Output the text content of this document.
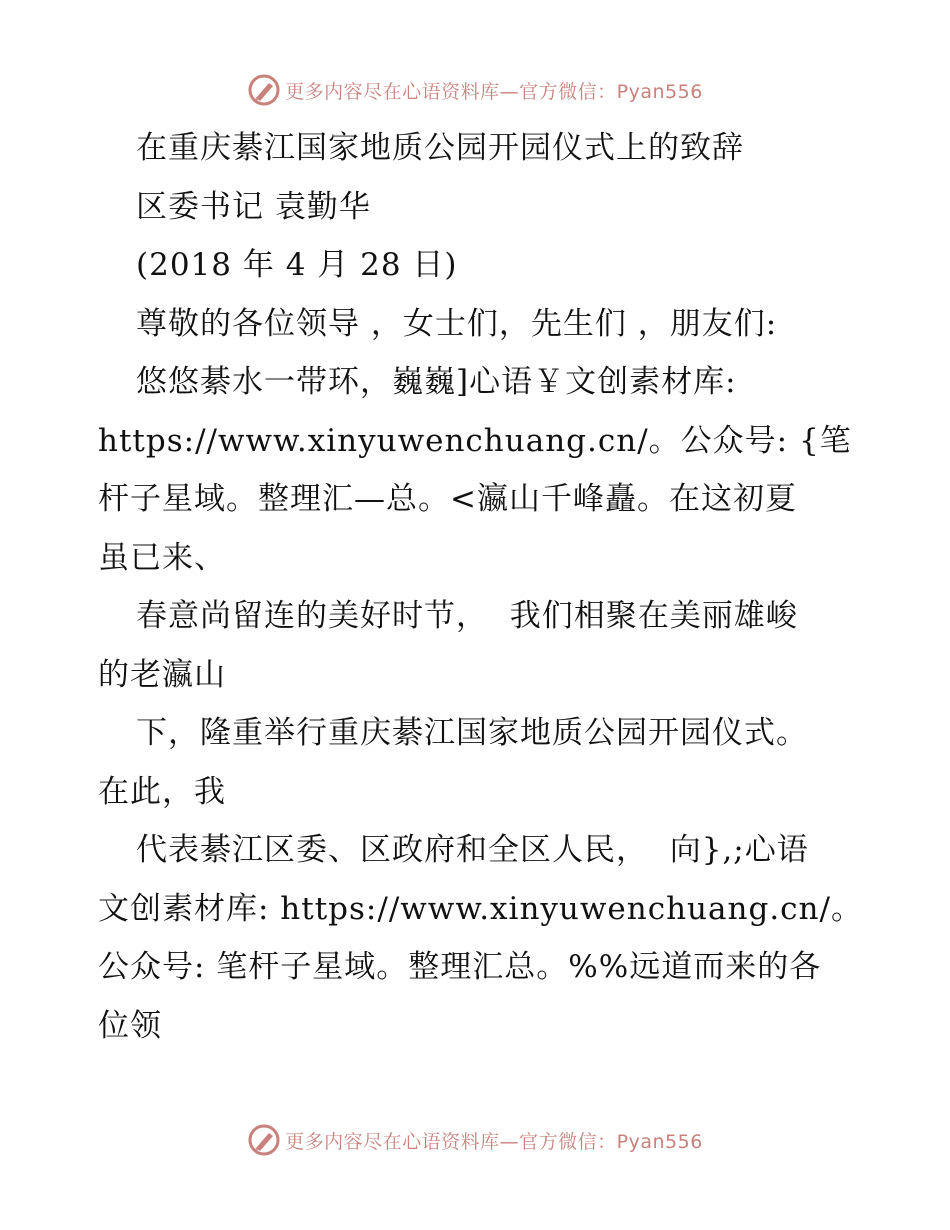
更多内容尽在心语资料库—官方微信：Pyan556
在重庆綦江国家地质公园开园仪式上的致辞
区委书记 袁勤华
(2018 年 4 月 28 日)
尊敬的各位领导 ，女士们，先生们 ，朋友们:
悠悠綦水一带环，巍巍]心语￥文创素材库:
https://www.xinyuwenchuang.cn/。公众号: {笔
杆子星域。整理汇—总。<瀛山千峰矗。在这初夏
虽已来、
春意尚留连的美好时节，  我们相聚在美丽雄峻
的老瀛山
下，隆重举行重庆綦江国家地质公园开园仪式。
在此，我
代表綦江区委、区政府和全区人民，  向},;心语
文创素材库: https://www.xinyuwenchuang.cn/。
公众号: 笔杆子星域。整理汇总。%%远道而来的各
位领
更多内容尽在心语资料库—官方微信：Pyan556
